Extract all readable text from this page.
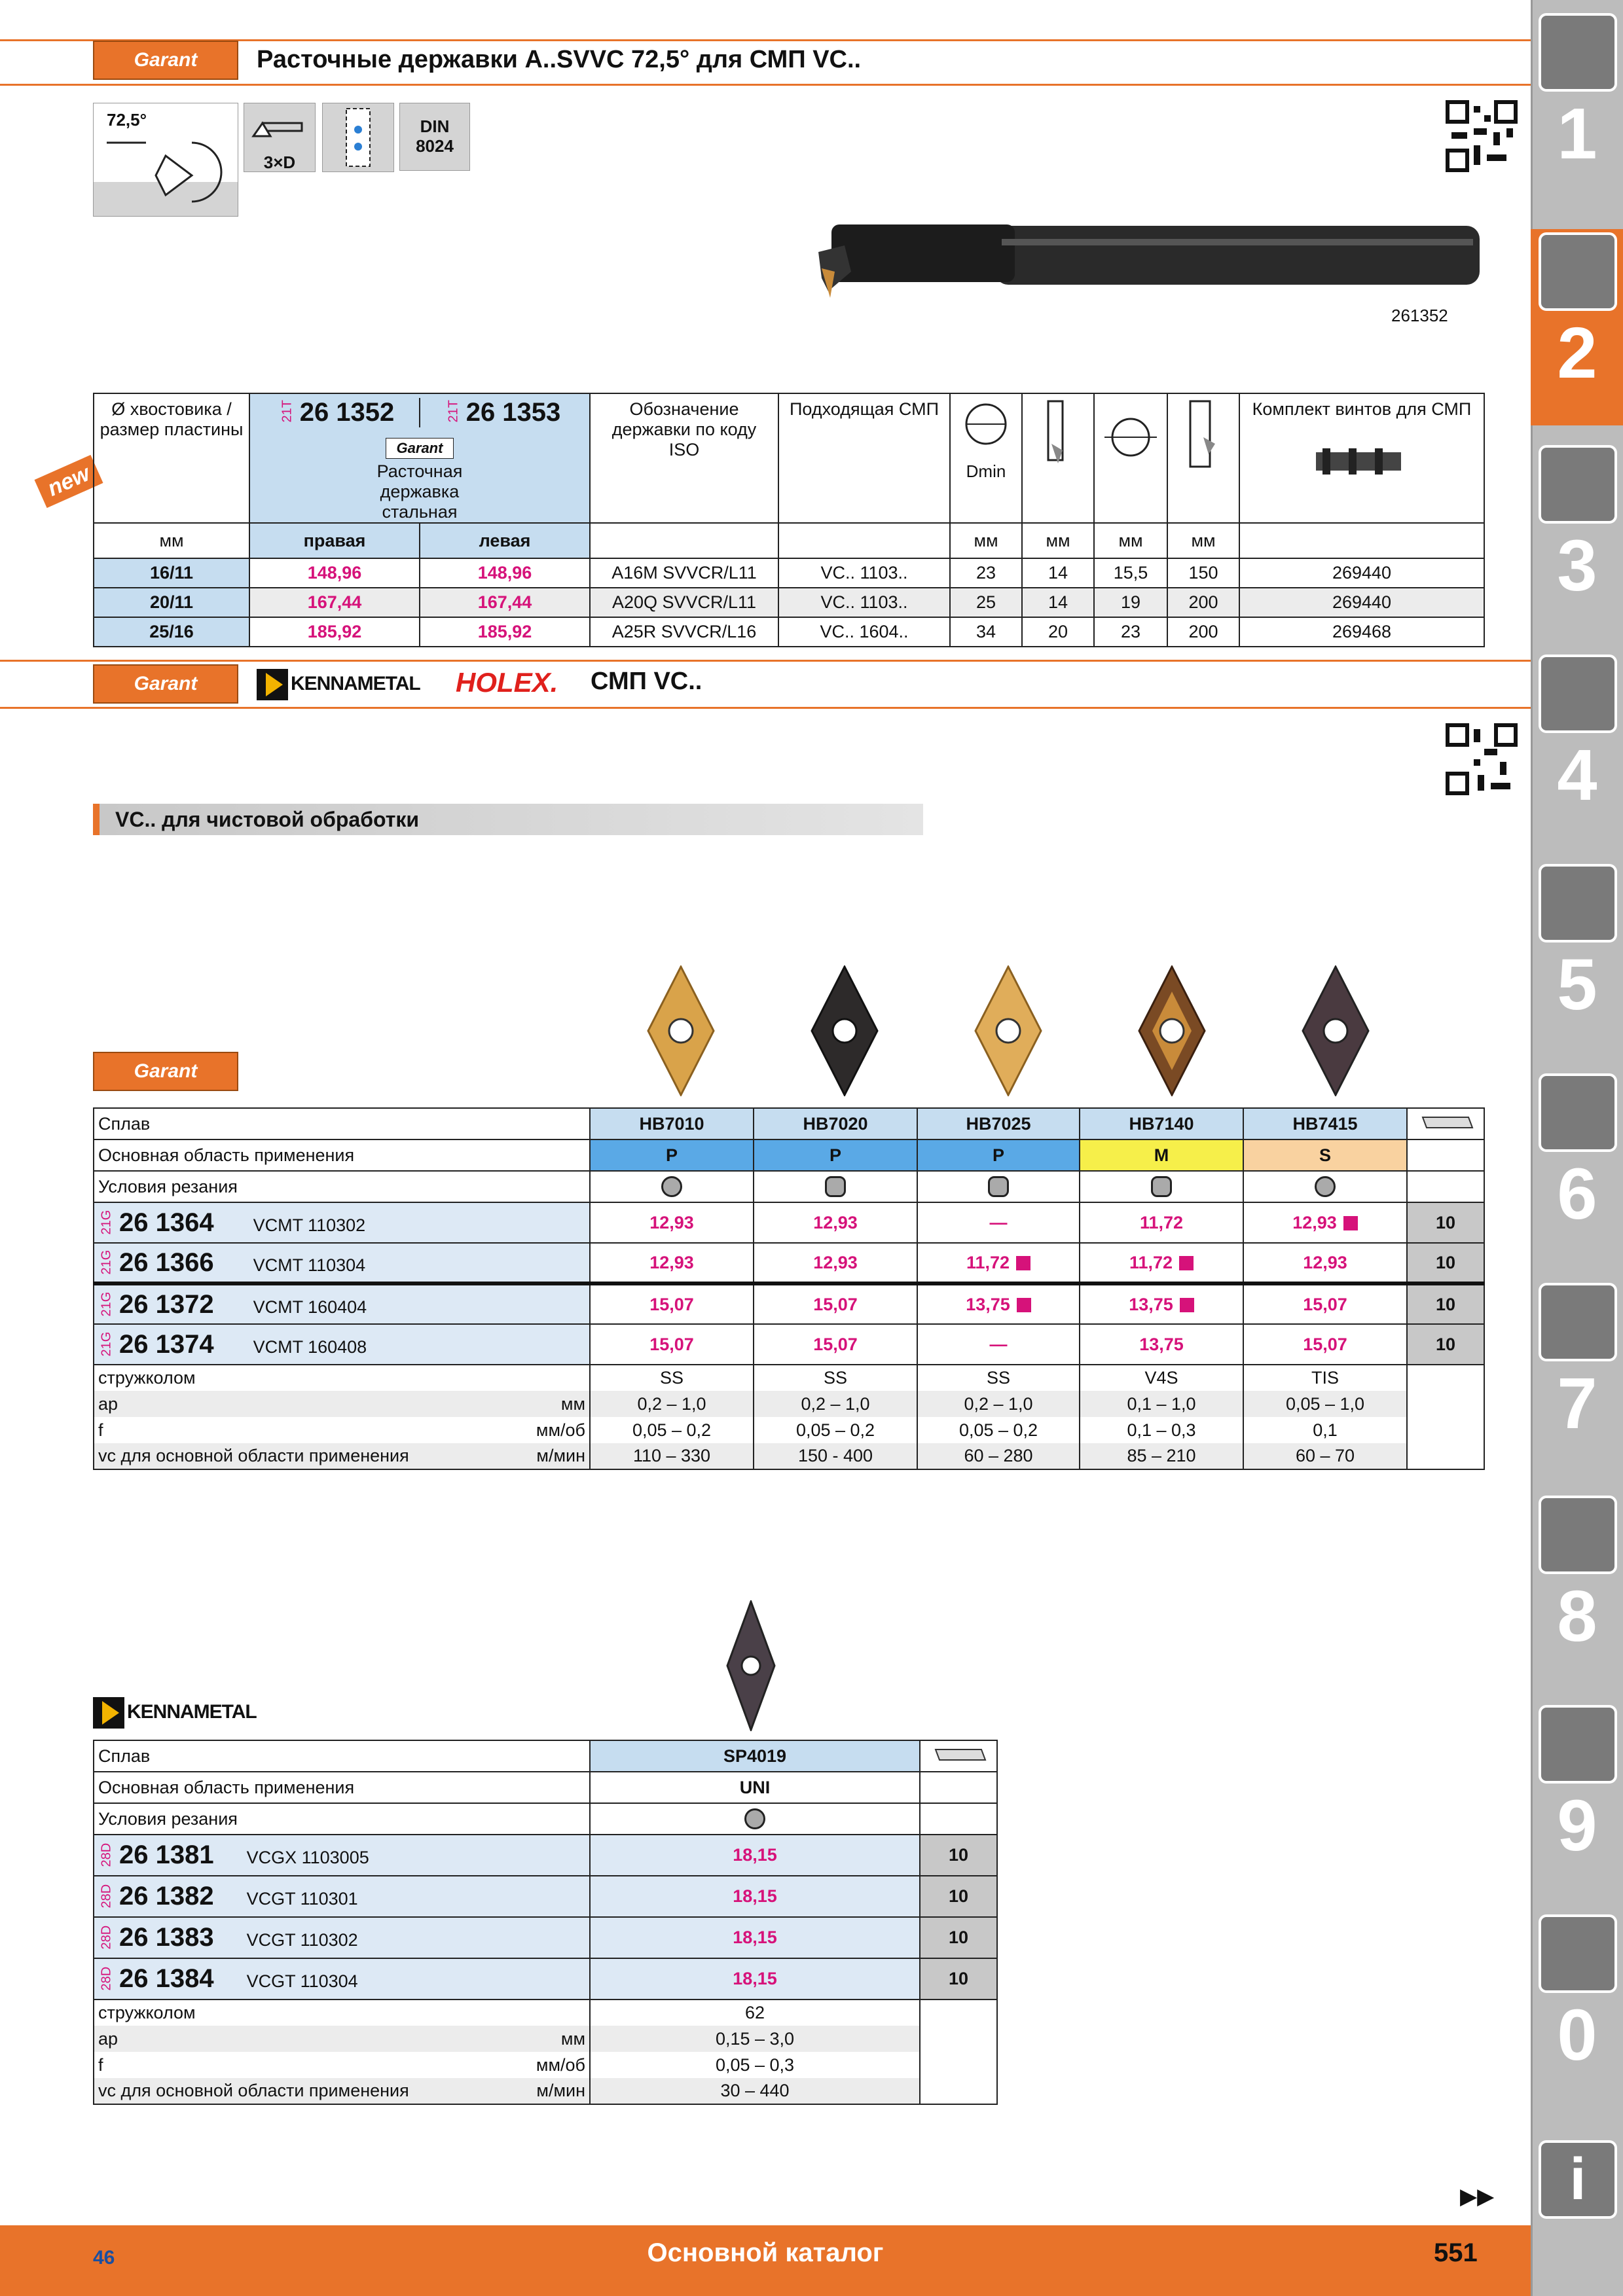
Garant	Расточные державки A..SVVC 72,5° для СМП VC..
72,5°
3×D
DIN
8024
261352
new
Ø хвостовика / размер пластины	21T 26 1352 21T 26 1353
Garant
Расточная державка стальная		Обозначение державки по коду ISO	Подходящая СМП	Dmin				Комплект винтов для СМП

мм	правая	левая			мм	мм	мм	мм	
16/11	148,96	148,96	A16M SVVCR/L11	VC.. 1103..	23	14	15,5	150	269440
20/11	167,44	167,44	A20Q SVVCR/L11	VC.. 1103..	25	14	19	200	269440
25/16	185,92	185,92	A25R SVVCR/L16	VC.. 1604..	34	20	23	200	269468
Garant	KENNAMETAL HOLEX. СМП VC..
VC.. для чистовой обработки
Garant
Сплав	HB7010	HB7020	HB7025	HB7140	HB7415	
Основная область применения	P	P	P	M	S	
Условия резания						
21G 26 1364 VCMT 110302	12,93	12,93	—	11,72	12,93	10
21G 26 1366 VCMT 110304	12,93	12,93	11,72	11,72	12,93	10
21G 26 1372 VCMT 160404	15,07	15,07	13,75	13,75	15,07	10
21G 26 1374 VCMT 160408	15,07	15,07	—	13,75	15,07	10
стружколом	SS	SS	SS	V4S	TIS	
ap мм	0,2 – 1,0	0,2 – 1,0	0,2 – 1,0	0,1 – 1,0	0,05 – 1,0	
f мм/об	0,05 – 0,2	0,05 – 0,2	0,05 – 0,2	0,1 – 0,3	0,1	
vc для основной области применения м/мин	110 – 330	150 - 400	60 – 280	85 – 210	60 – 70	
KENNAMETAL
Сплав	SP4019	
Основная область применения	UNI	
Условия резания		
28D 26 1381 VCGX 1103005	18,15	10
28D 26 1382 VCGT 110301	18,15	10
28D 26 1383 VCGT 110302	18,15	10
28D 26 1384 VCGT 110304	18,15	10
стружколом	62	
ap мм	0,15 – 3,0	
f мм/об	0,05 – 0,3	
vc для основной области применения м/мин	30 – 440	
▶▶
1
2
3
4
5
6
7
8
9
0
i
46	Основной каталог	551
